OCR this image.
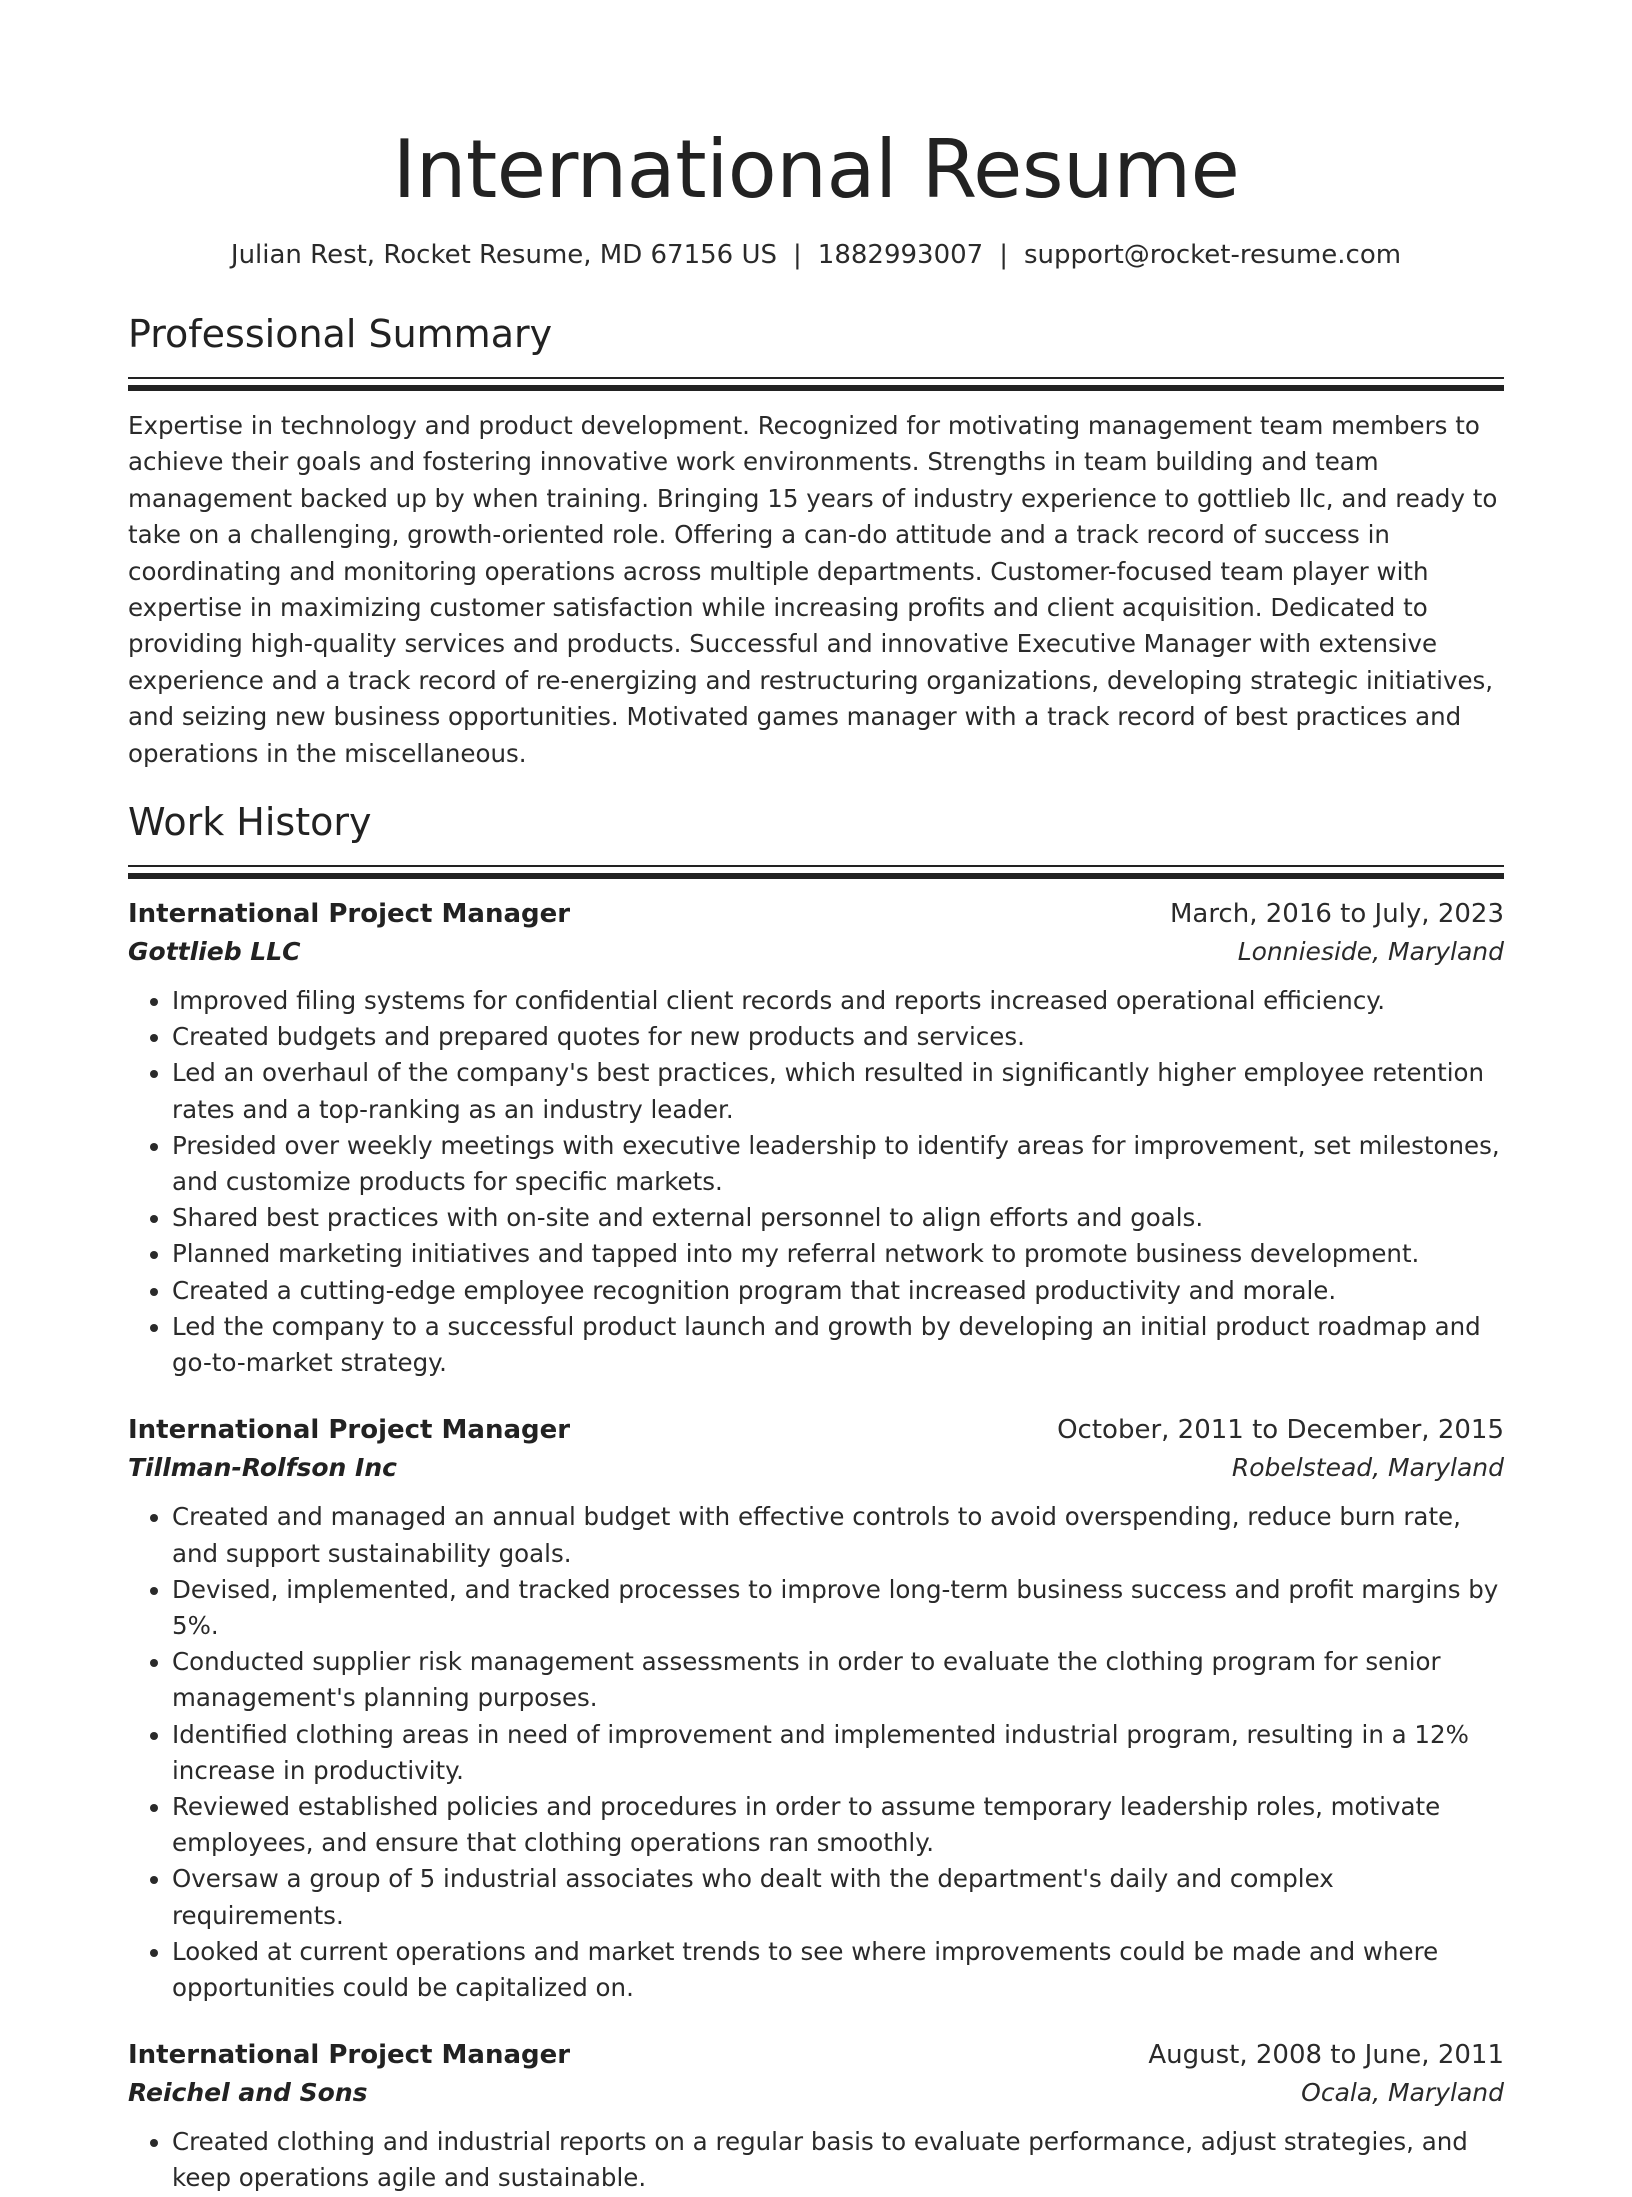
International Resume
Julian Rest, Rocket Resume, MD 67156 US | 1882993007 | support@rocket-resume.com
Professional Summary

Expertise in technology and product development. Recognized for motivating management team members to achieve their goals and fostering innovative work environments. Strengths in team building and team management backed up by when training. Bringing 15 years of industry experience to gottlieb llc, and ready to take on a challenging, growth-oriented role. Offering a can-do attitude and a track record of success in coordinating and monitoring operations across multiple departments. Customer-focused team player with expertise in maximizing customer satisfaction while increasing profits and client acquisition. Dedicated to providing high-quality services and products. Successful and innovative Executive Manager with extensive experience and a track record of re-energizing and restructuring organizations, developing strategic initiatives, and seizing new business opportunities. Motivated games manager with a track record of best practices and operations in the miscellaneous.

Work History
International Project Manager	March, 2016 to July, 2023
Gottlieb LLC	Lonnieside, Maryland
• Improved filing systems for confidential client records and reports increased operational efficiency.
• Created budgets and prepared quotes for new products and services.
• Led an overhaul of the company's best practices, which resulted in significantly higher employee retention rates and a top-ranking as an industry leader.
• Presided over weekly meetings with executive leadership to identify areas for improvement, set milestones, and customize products for specific markets.
• Shared best practices with on-site and external personnel to align efforts and goals.
• Planned marketing initiatives and tapped into my referral network to promote business development.
• Created a cutting-edge employee recognition program that increased productivity and morale.
• Led the company to a successful product launch and growth by developing an initial product roadmap and go-to-market strategy.
International Project Manager	October, 2011 to December, 2015
Tillman-Rolfson Inc	Robelstead, Maryland
• Created and managed an annual budget with effective controls to avoid overspending, reduce burn rate, and support sustainability goals.
• Devised, implemented, and tracked processes to improve long-term business success and profit margins by 5%.
• Conducted supplier risk management assessments in order to evaluate the clothing program for senior management's planning purposes.
• Identified clothing areas in need of improvement and implemented industrial program, resulting in a 12% increase in productivity.
• Reviewed established policies and procedures in order to assume temporary leadership roles, motivate employees, and ensure that clothing operations ran smoothly.
• Oversaw a group of 5 industrial associates who dealt with the department's daily and complex requirements.
• Looked at current operations and market trends to see where improvements could be made and where opportunities could be capitalized on.
International Project Manager	August, 2008 to June, 2011
Reichel and Sons	Ocala, Maryland
• Created clothing and industrial reports on a regular basis to evaluate performance, adjust strategies, and keep operations agile and sustainable.
